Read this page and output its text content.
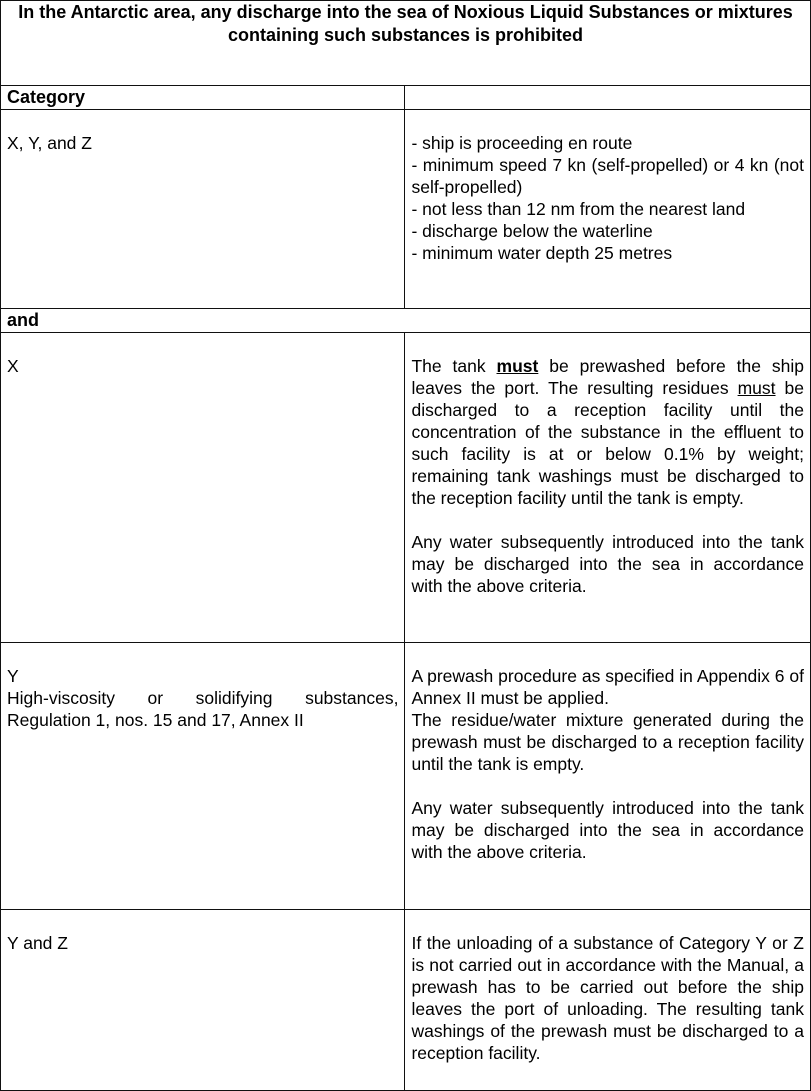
In the Antarctic area, any discharge into the sea of Noxious Liquid Substances or mixtures containing such substances is prohibited	
Category	
X, Y, and Z	- ship is proceeding en route
- minimum speed 7 kn (self-propelled) or 4 kn (not self-propelled)
- not less than 12 nm from the nearest land
- discharge below the waterline
- minimum water depth 25 metres

and	
X	The tank must be prewashed before the ship leaves the port. The resulting residues must be discharged to a reception facility until the concentration of the substance in the effluent to such facility is at or below 0.1% by weight; remaining tank washings must be discharged to the reception facility until the tank is empty.
Any water subsequently introduced into the tank may be discharged into the sea in accordance with the above criteria.

Y
High-viscosity or solidifying substances, Regulation 1, nos. 15 and 17, Annex II	A prewash procedure as specified in Appendix 6 of Annex II must be applied.
The residue/water mixture generated during the prewash must be discharged to a reception facility until the tank is empty.
Any water subsequently introduced into the tank may be discharged into the sea in accordance with the above criteria.

Y and Z	If the unloading of a substance of Category Y or Z is not carried out in accordance with the Manual, a prewash has to be carried out before the ship leaves the port of unloading. The resulting tank washings of the prewash must be discharged to a reception facility.
